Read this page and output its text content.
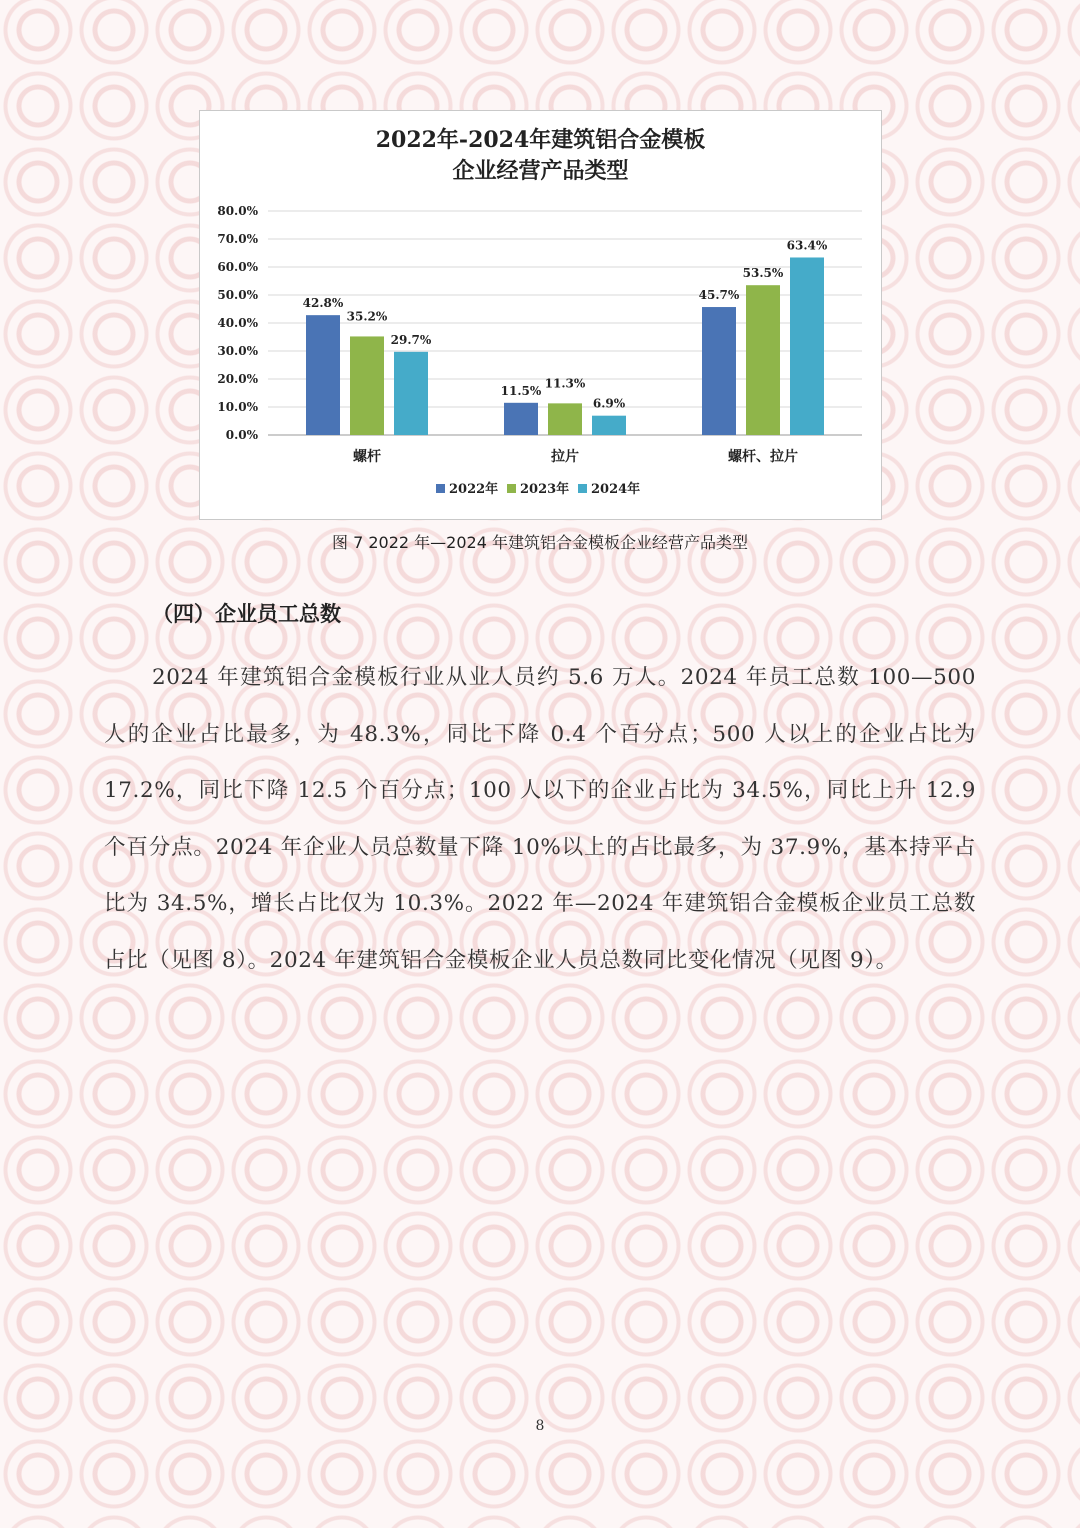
2022年-2024年建筑铝合金模板
企业经营产品类型
0.0%
10.0%
20.0%
30.0%
40.0%
50.0%
60.0%
70.0%
80.0%
42.8%
35.2%
29.7%
螺杆
11.5%
11.3%
6.9%
拉片
45.7%
53.5%
63.4%
螺杆、拉片
2022年 2023年 2024年
图 7 2022 年—2024 年建筑铝合金模板企业经营产品类型
（四）企业员工总数
2024 年建筑铝合金模板行业从业人员约 5.6 万人。2024 年员工总数 100—500 人的企业占比最多，为 48.3%，同比下降 0.4 个百分点；500 人以上的企业占比为 17.2%，同比下降 12.5 个百分点；100 人以下的企业占比为 34.5%，同比上升 12.9 个百分点。2024 年企业人员总数量下降 10%以上的占比最多，为 37.9%，基本持平占比为 34.5%，增长占比仅为 10.3%。2022 年—2024 年建筑铝合金模板企业员工总数占比（见图 8）。2024 年建筑铝合金模板企业人员总数同比变化情况（见图 9）。
8
